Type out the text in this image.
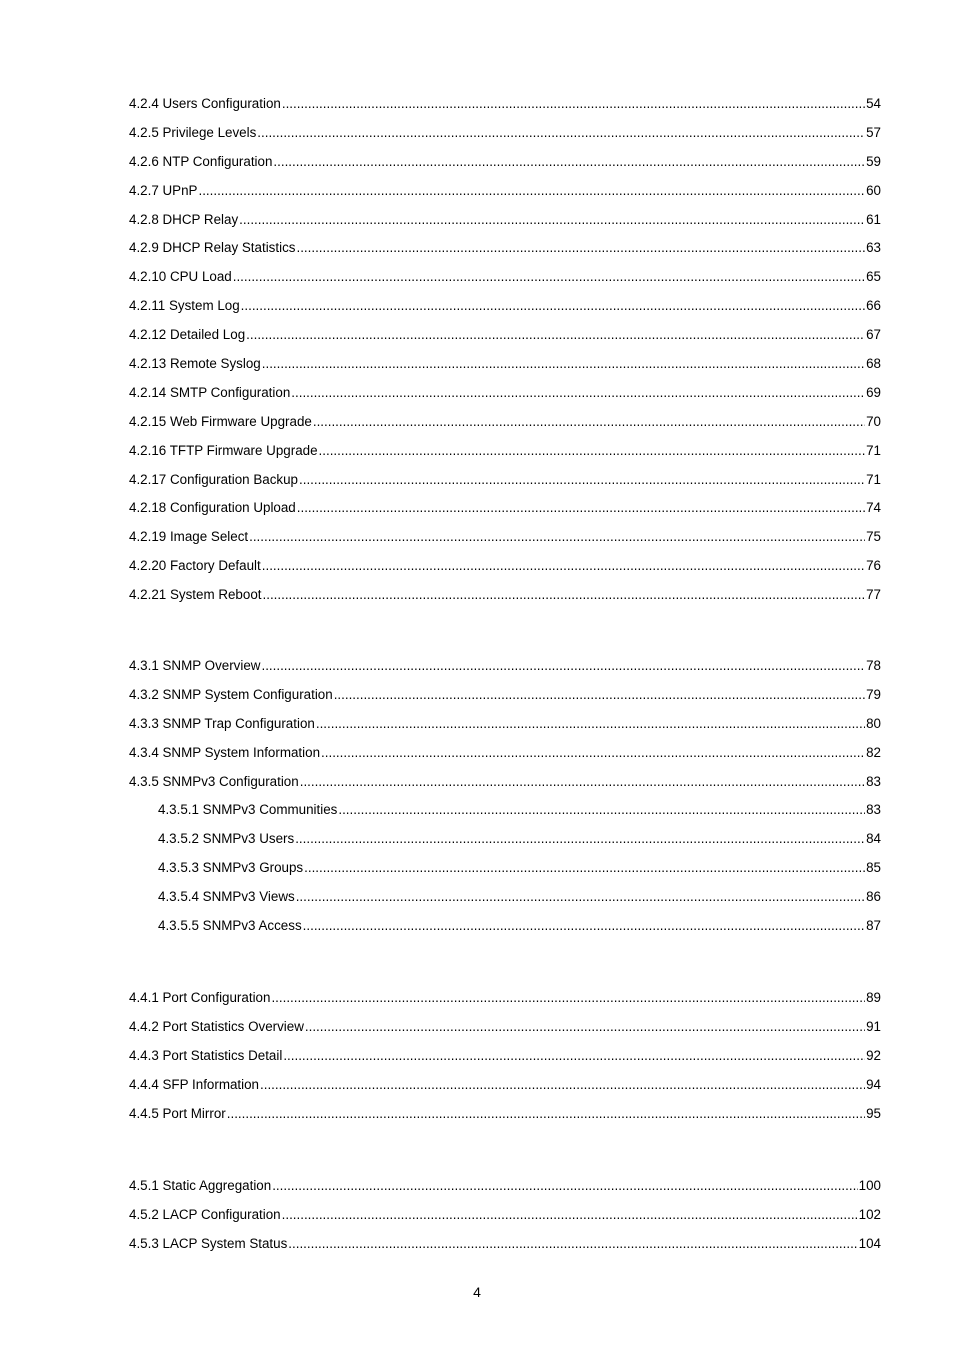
4.2.4 Users Configuration .....	54
4.2.5 Privilege Levels .....	57
4.2.6 NTP Configuration .....	59
4.2.7 UPnP .....	60
4.2.8 DHCP Relay .....	61
4.2.9 DHCP Relay Statistics .....	63
4.2.10 CPU Load .....	65
4.2.11 System Log .....	66
4.2.12 Detailed Log .....	67
4.2.13 Remote Syslog .....	68
4.2.14 SMTP Configuration .....	69
4.2.15 Web Firmware Upgrade .....	70
4.2.16 TFTP Firmware Upgrade .....	71
4.2.17 Configuration Backup .....	71
4.2.18 Configuration Upload .....	74
4.2.19 Image Select .....	75
4.2.20 Factory Default .....	76
4.2.21 System Reboot .....	77
4.3.1 SNMP Overview .....	78
4.3.2 SNMP System Configuration .....	79
4.3.3 SNMP Trap Configuration .....	80
4.3.4 SNMP System Information .....	82
4.3.5 SNMPv3 Configuration .....	83
4.3.5.1 SNMPv3 Communities .....	83
4.3.5.2 SNMPv3 Users .....	84
4.3.5.3 SNMPv3 Groups .....	85
4.3.5.4 SNMPv3 Views .....	86
4.3.5.5 SNMPv3 Access .....	87
4.4.1 Port Configuration .....	89
4.4.2 Port Statistics Overview .....	91
4.4.3 Port Statistics Detail .....	92
4.4.4 SFP Information .....	94
4.4.5 Port Mirror .....	95
4.5.1 Static Aggregation .....	100
4.5.2 LACP Configuration .....	102
4.5.3 LACP System Status .....	104
4
